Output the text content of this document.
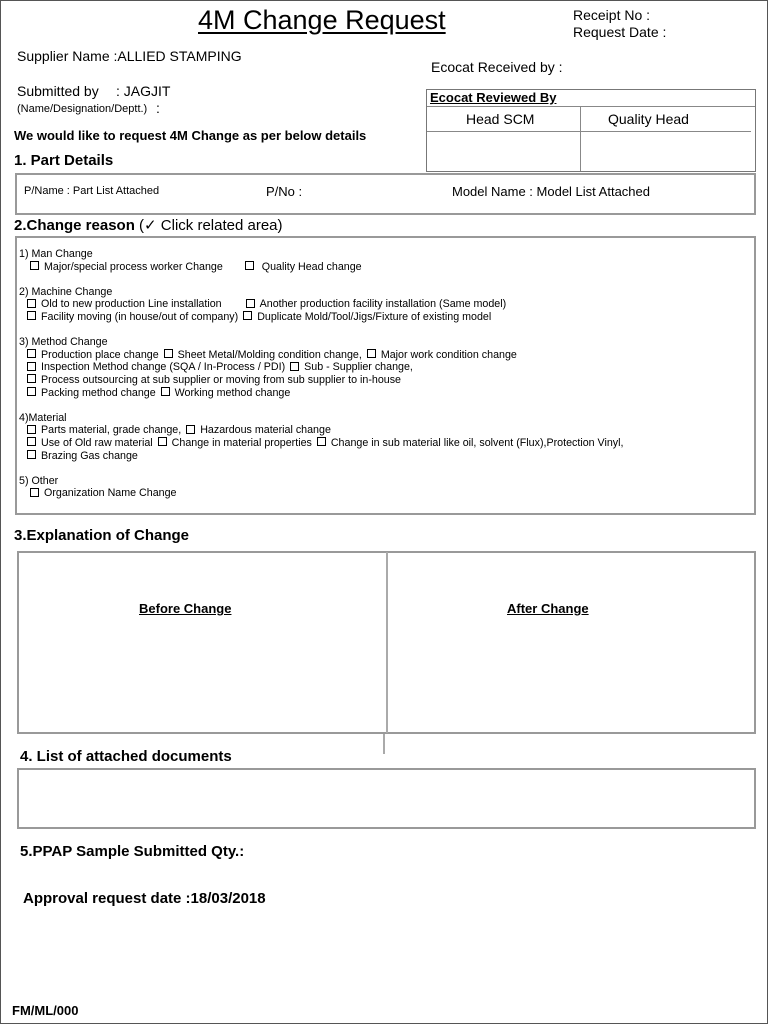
4M Change Request	Receipt No :
Request Date :
Supplier Name :ALLIED STAMPING
Ecocat Received by :
Submitted by : JAGJIT
(Name/Designation/Deptt.) :
Ecocat Reviewed By
Head SCM	Quality Head
We would like to request 4M Change as per below details
1. Part Details
P/Name : Part List Attached	P/No :	Model Name : Model List Attached
2.Change reason (✓ Click related area)
1) Man Change
Major/special process worker Change	Quality Head change
2) Machine Change
Old to new production Line installation	Another production facility installation (Same model)
Facility moving (in house/out of company) Duplicate Mold/Tool/Jigs/Fixture of existing model
3) Method Change
Production place change Sheet Metal/Molding condition change, Major work condition change
Inspection Method change (SQA / In-Process / PDI) Sub - Supplier change,
Process outsourcing at sub supplier or moving from sub supplier to in-house
Packing method change Working method change
4)Material
Parts material, grade change, Hazardous material change
Use of Old raw material Change in material properties Change in sub material like oil, solvent (Flux),Protection Vinyl,
Brazing Gas change
5) Other
Organization Name Change
3.Explanation of Change
Before Change	After Change
4. List of attached documents
5.PPAP Sample Submitted Qty.:
Approval request date :18/03/2018
FM/ML/000
